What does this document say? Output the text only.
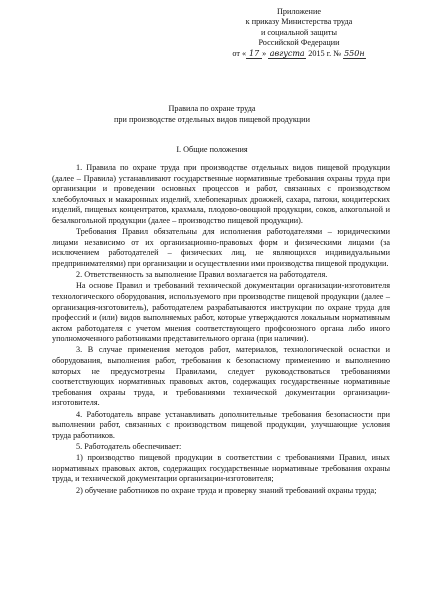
Приложение
к приказу Министерства труда
и социальной защиты
Российской Федерации
от « 17 » августа 2015 г. № 550н
Правила по охране труда
при производстве отдельных видов пищевой продукции
I. Общие положения

1. Правила по охране труда при производстве отдельных видов пищевой продукции (далее – Правила) устанавливают государственные нормативные требования охраны труда при организации и проведении основных процессов и работ, связанных с производством хлебобулочных и макаронных изделий, хлебопекарных дрожжей, сахара, патоки, кондитерских изделий, пищевых концентратов, крахмала, плодово-овощной продукции, соков, алкогольной и безалкогольной продукции (далее – производство пищевой продукции).

Требования Правил обязательны для исполнения работодателями – юридическими лицами независимо от их организационно-правовых форм и физическими лицами (за исключением работодателей – физических лиц, не являющихся индивидуальными предпринимателями) при организации и осуществлении ими производства пищевой продукции.

2. Ответственность за выполнение Правил возлагается на работодателя.

На основе Правил и требований технической документации организации-изготовителя технологического оборудования, используемого при производстве пищевой продукции (далее – организация-изготовитель), работодателем разрабатываются инструкции по охране труда для профессий и (или) видов выполняемых работ, которые утверждаются локальным нормативным актом работодателя с учетом мнения соответствующего профсоюзного органа либо иного уполномоченного работниками представительного органа (при наличии).

3. В случае применения методов работ, материалов, технологической оснастки и оборудования, выполнения работ, требования к безопасному применению и выполнению которых не предусмотрены Правилами, следует руководствоваться требованиями соответствующих нормативных правовых актов, содержащих государственные нормативные требования охраны труда, и требованиями технической документации организации-изготовителя.

4. Работодатель вправе устанавливать дополнительные требования безопасности при выполнении работ, связанных с производством пищевой продукции, улучшающие условия труда работников.

5. Работодатель обеспечивает:

1) производство пищевой продукции в соответствии с требованиями Правил, иных нормативных правовых актов, содержащих государственные нормативные требования охраны труда, и технической документации организации-изготовителя;

2) обучение работников по охране труда и проверку знаний требований охраны труда;
